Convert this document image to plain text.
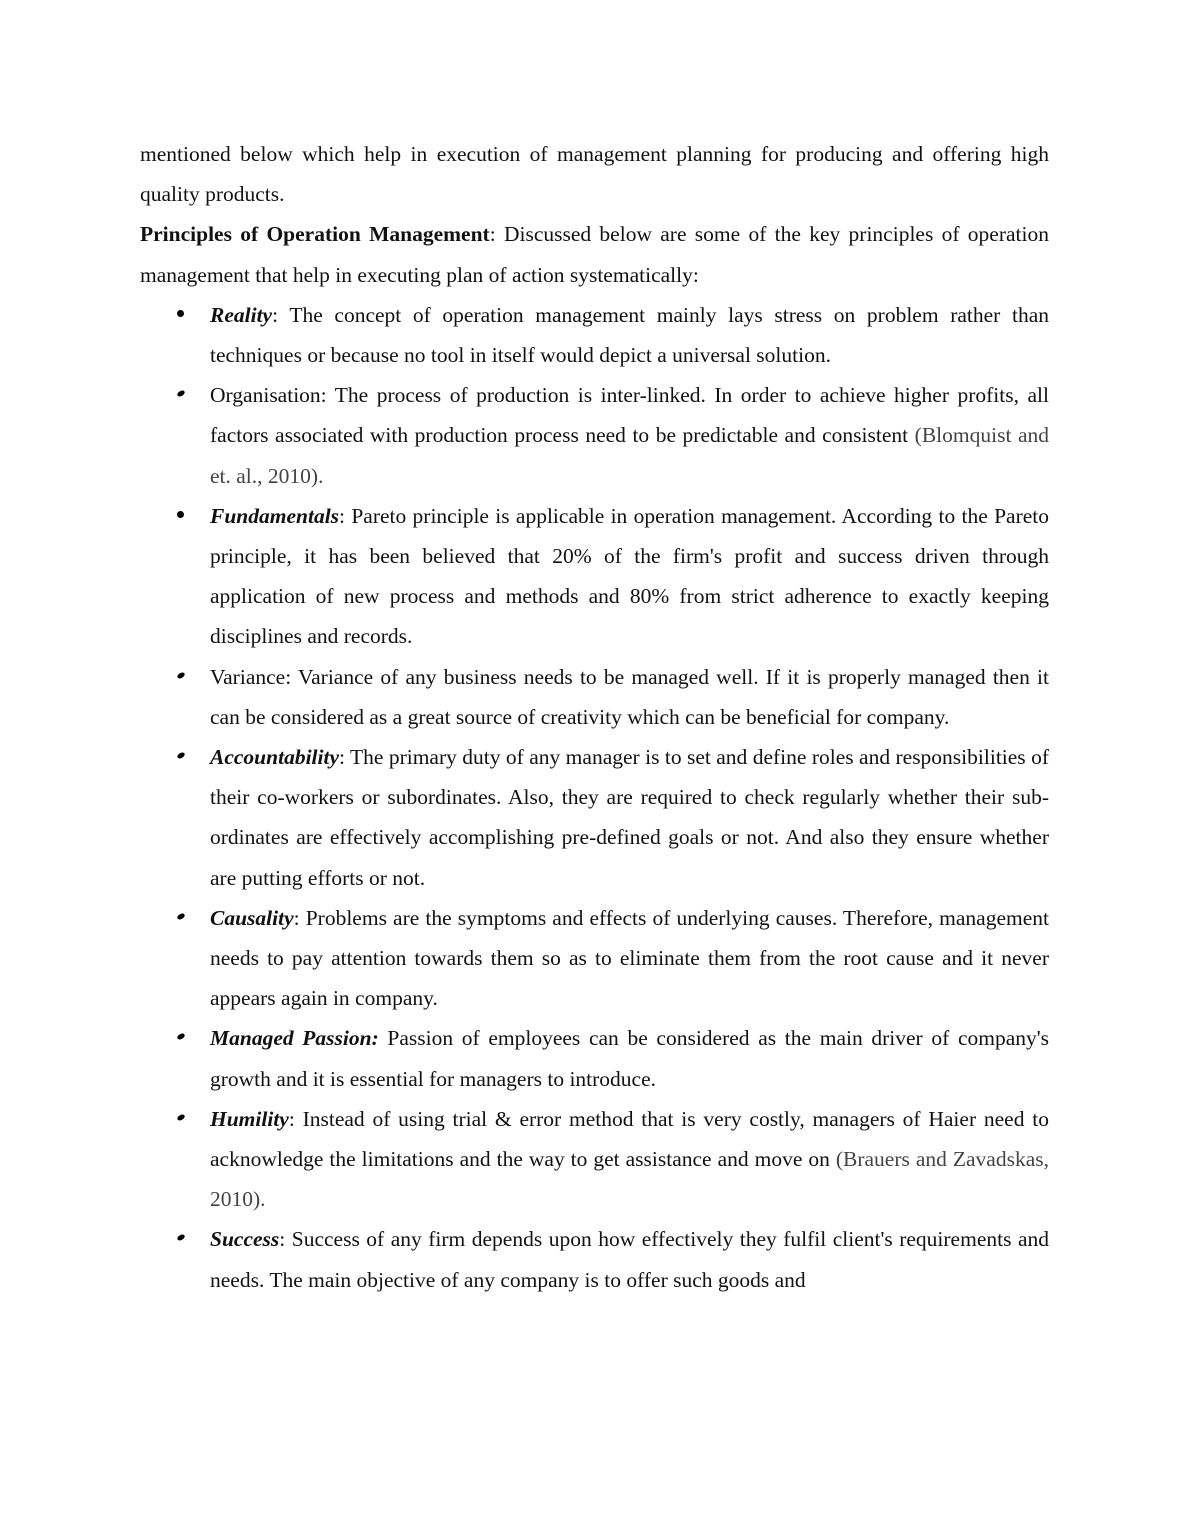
mentioned below which help in execution of management planning for producing and offering high quality products.

Principles of Operation Management: Discussed below are some of the key principles of operation management that help in executing plan of action systematically:

Reality: The concept of operation management mainly lays stress on problem rather than techniques or because no tool in itself would depict a universal solution.
Organisation: The process of production is inter-linked. In order to achieve higher profits, all factors associated with production process need to be predictable and consistent (Blomquist and et. al., 2010).
Fundamentals: Pareto principle is applicable in operation management. According to the Pareto principle, it has been believed that 20% of the firm's profit and success driven through application of new process and methods and 80% from strict adherence to exactly keeping disciplines and records.
Variance: Variance of any business needs to be managed well. If it is properly managed then it can be considered as a great source of creativity which can be beneficial for company.
Accountability: The primary duty of any manager is to set and define roles and responsibilities of their co-workers or subordinates. Also, they are required to check regularly whether their sub-ordinates are effectively accomplishing pre-defined goals or not. And also they ensure whether are putting efforts or not.
Causality: Problems are the symptoms and effects of underlying causes. Therefore, management needs to pay attention towards them so as to eliminate them from the root cause and it never appears again in company.
Managed Passion: Passion of employees can be considered as the main driver of company's growth and it is essential for managers to introduce.
Humility: Instead of using trial & error method that is very costly, managers of Haier need to acknowledge the limitations and the way to get assistance and move on (Brauers and Zavadskas, 2010).
Success: Success of any firm depends upon how effectively they fulfil client's requirements and needs. The main objective of any company is to offer such goods and
